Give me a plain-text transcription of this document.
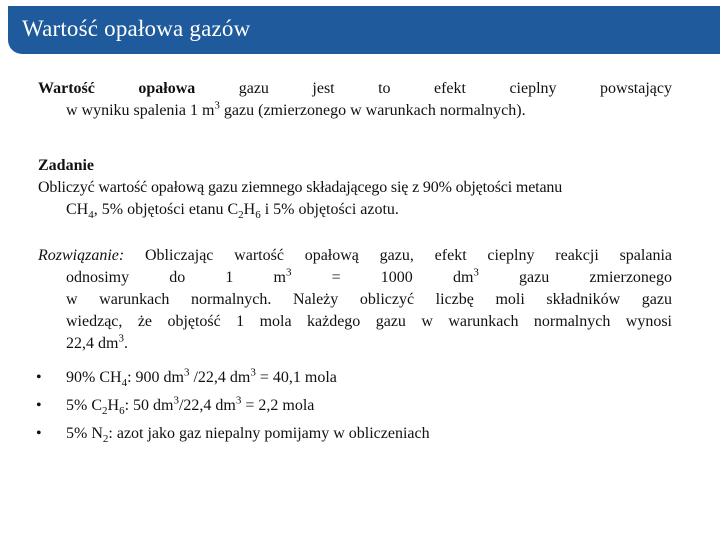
Wartość opałowa gazów
Wartość opałowa gazu jest to efekt cieplny powstający
w wyniku spalenia 1 $m^3$ gazu (zmierzonego w warunkach normalnych).
Zadanie
Obliczyć wartość opałową gazu ziemnego składającego się z 90% objętości metanu
$CH_4$, 5% objętości etanu $C_2H_6$ i 5% objętości azotu.
Rozwiązanie: Obliczając wartość opałową gazu, efekt cieplny reakcji spalania
odnosimy do 1 $m^3 = 1000$ $dm^3$ gazu zmierzonego
w warunkach normalnych. Należy obliczyć liczbę moli składników gazu
wiedząc, że objętość 1 mola każdego gazu w warunkach normalnych wynosi
22,4 $dm^3$.
• 90% $CH_4$: 900 $dm^3$ /22,4 $dm^3 = 40,1$ mola
• 5% $C_2H_6$: 50 $dm^3/22,4$ $dm^3 = 2,2$ mola
• 5% $N_2$: azot jako gaz niepalny pomijamy w obliczeniach
